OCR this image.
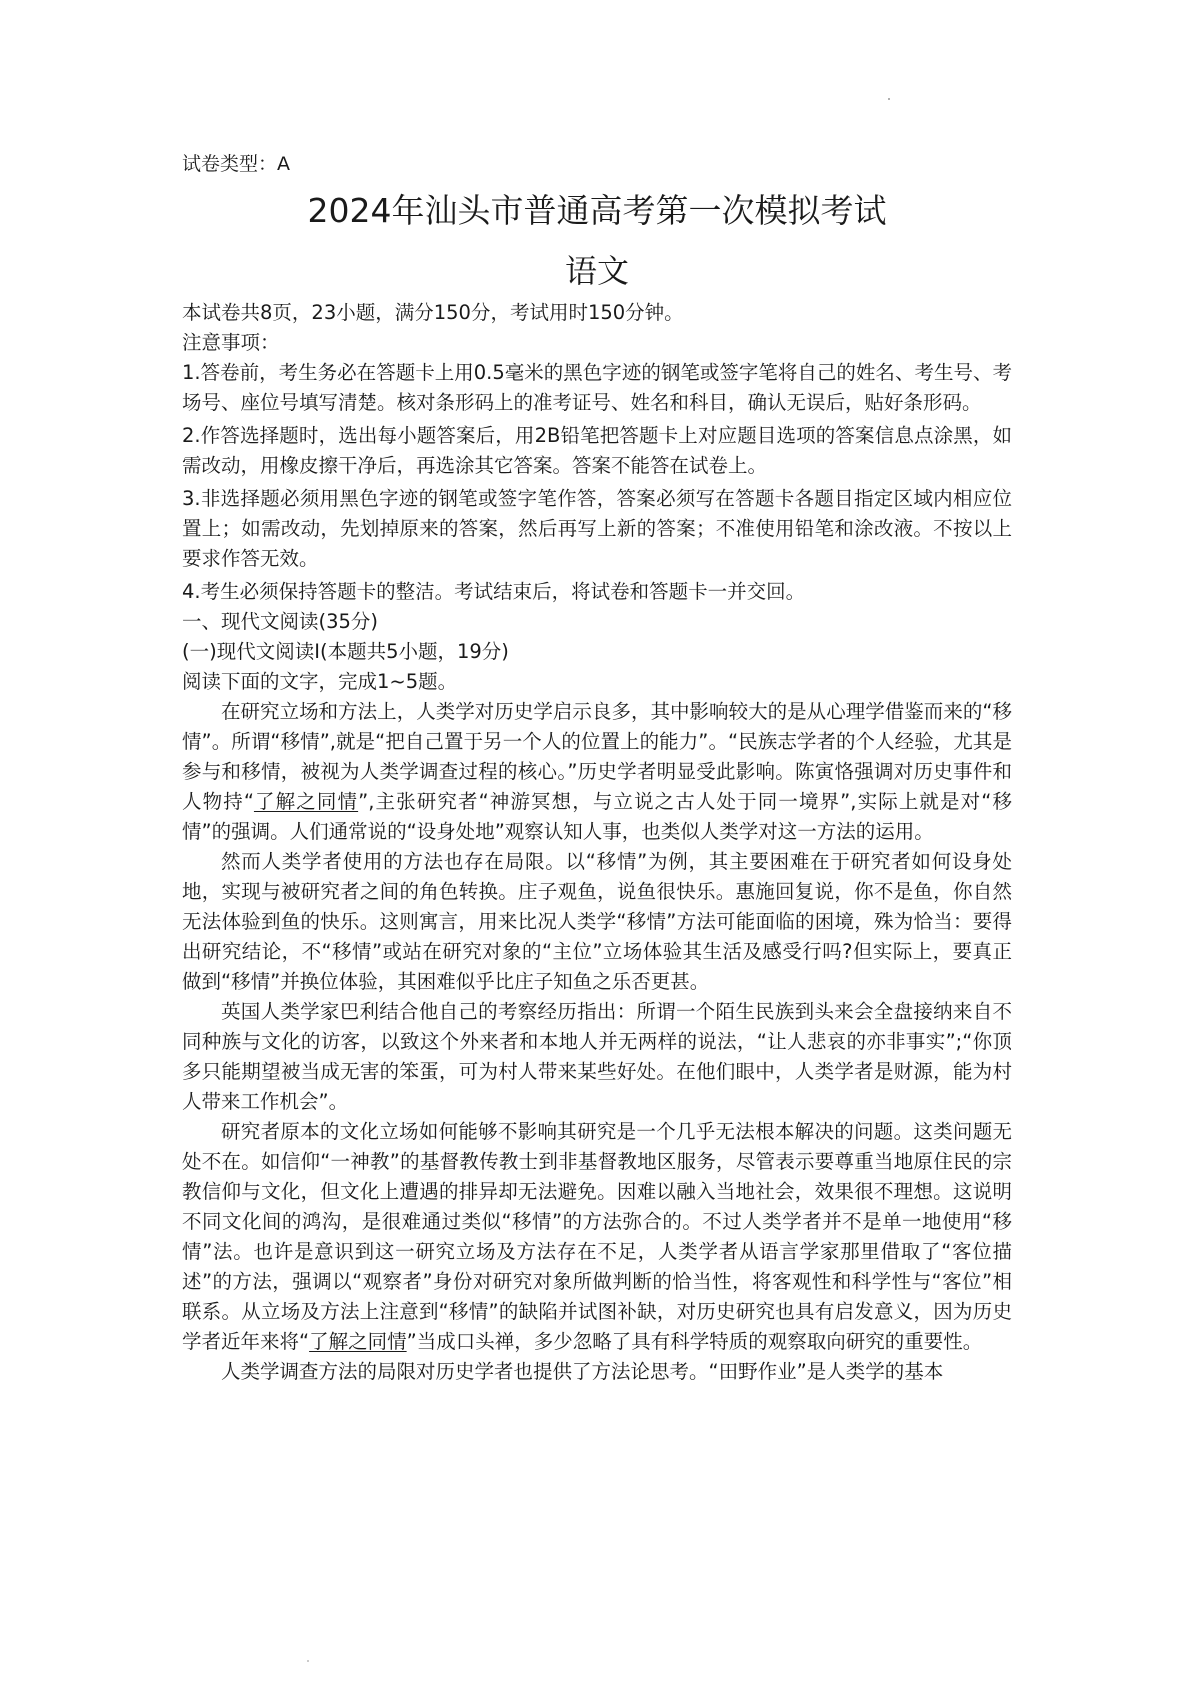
试卷类型：A

2024年汕头市普通高考第一次模拟考试
语文

本试卷共8页，23小题，满分150分，考试用时150分钟。

注意事项：

1.答卷前，考生务必在答题卡上用0.5毫米的黑色字迹的钢笔或签字笔将自己的姓名、考生号、考场号、座位号填写清楚。核对条形码上的准考证号、姓名和科目，确认无误后，贴好条形码。

2.作答选择题时，选出每小题答案后，用2B铅笔把答题卡上对应题目选项的答案信息点涂黑，如需改动，用橡皮擦干净后，再选涂其它答案。答案不能答在试卷上。

3.非选择题必须用黑色字迹的钢笔或签字笔作答，答案必须写在答题卡各题目指定区域内相应位置上；如需改动，先划掉原来的答案，然后再写上新的答案；不准使用铅笔和涂改液。不按以上要求作答无效。

4.考生必须保持答题卡的整洁。考试结束后，将试卷和答题卡一并交回。

一、现代文阅读(35分)

(一)现代文阅读Ⅰ(本题共5小题，19分)

阅读下面的文字，完成1~5题。

在研究立场和方法上，人类学对历史学启示良多，其中影响较大的是从心理学借鉴而来的“移情”。所谓“移情”,就是“把自己置于另一个人的位置上的能力”。“民族志学者的个人经验，尤其是参与和移情，被视为人类学调查过程的核心。”历史学者明显受此影响。陈寅恪强调对历史事件和人物持“了解之同情”,主张研究者“神游冥想，与立说之古人处于同一境界”,实际上就是对“移情”的强调。人们通常说的“设身处地”观察认知人事，也类似人类学对这一方法的运用。

然而人类学者使用的方法也存在局限。以“移情”为例，其主要困难在于研究者如何设身处地，实现与被研究者之间的角色转换。庄子观鱼，说鱼很快乐。惠施回复说，你不是鱼，你自然无法体验到鱼的快乐。这则寓言，用来比况人类学“移情”方法可能面临的困境，殊为恰当：要得出研究结论，不“移情”或站在研究对象的“主位”立场体验其生活及感受行吗?但实际上，要真正做到“移情”并换位体验，其困难似乎比庄子知鱼之乐否更甚。

英国人类学家巴利结合他自己的考察经历指出：所谓一个陌生民族到头来会全盘接纳来自不同种族与文化的访客，以致这个外来者和本地人并无两样的说法，“让人悲哀的亦非事实”;“你顶多只能期望被当成无害的笨蛋，可为村人带来某些好处。在他们眼中，人类学者是财源，能为村人带来工作机会”。

研究者原本的文化立场如何能够不影响其研究是一个几乎无法根本解决的问题。这类问题无处不在。如信仰“一神教”的基督教传教士到非基督教地区服务，尽管表示要尊重当地原住民的宗教信仰与文化，但文化上遭遇的排异却无法避免。因难以融入当地社会，效果很不理想。这说明不同文化间的鸿沟，是很难通过类似“移情”的方法弥合的。不过人类学者并不是单一地使用“移情”法。也许是意识到这一研究立场及方法存在不足，人类学者从语言学家那里借取了“客位描述”的方法，强调以“观察者”身份对研究对象所做判断的恰当性，将客观性和科学性与“客位”相联系。从立场及方法上注意到“移情”的缺陷并试图补缺，对历史研究也具有启发意义，因为历史学者近年来将“了解之同情”当成口头禅，多少忽略了具有科学特质的观察取向研究的重要性。

人类学调查方法的局限对历史学者也提供了方法论思考。“田野作业”是人类学的基本
